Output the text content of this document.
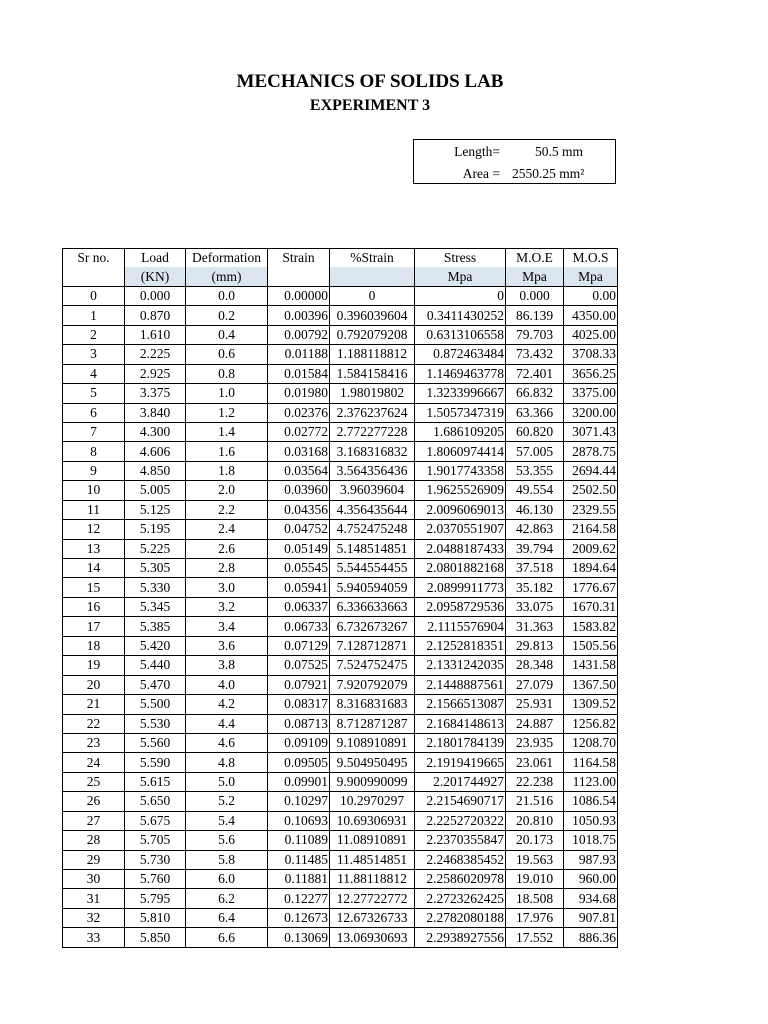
MECHANICS OF SOLIDS LAB
EXPERIMENT 3
Length=	50.5 mm
Area = 2550.25 mm²
Sr no.	Load	Deformation	Strain	%Strain	Stress	M.O.E	M.O.S
	(KN)	(mm)			Mpa	Mpa	Mpa
0	0.000	0.0	0.00000	0	0	0.000	0.00
1	0.870	0.2	0.00396	0.396039604	0.3411430252	86.139	4350.00
2	1.610	0.4	0.00792	0.792079208	0.6313106558	79.703	4025.00
3	2.225	0.6	0.01188	1.188118812	0.872463484	73.432	3708.33
4	2.925	0.8	0.01584	1.584158416	1.1469463778	72.401	3656.25
5	3.375	1.0	0.01980	1.98019802	1.3233996667	66.832	3375.00
6	3.840	1.2	0.02376	2.376237624	1.5057347319	63.366	3200.00
7	4.300	1.4	0.02772	2.772277228	1.686109205	60.820	3071.43
8	4.606	1.6	0.03168	3.168316832	1.8060974414	57.005	2878.75
9	4.850	1.8	0.03564	3.564356436	1.9017743358	53.355	2694.44
10	5.005	2.0	0.03960	3.96039604	1.9625526909	49.554	2502.50
11	5.125	2.2	0.04356	4.356435644	2.0096069013	46.130	2329.55
12	5.195	2.4	0.04752	4.752475248	2.0370551907	42.863	2164.58
13	5.225	2.6	0.05149	5.148514851	2.0488187433	39.794	2009.62
14	5.305	2.8	0.05545	5.544554455	2.0801882168	37.518	1894.64
15	5.330	3.0	0.05941	5.940594059	2.0899911773	35.182	1776.67
16	5.345	3.2	0.06337	6.336633663	2.0958729536	33.075	1670.31
17	5.385	3.4	0.06733	6.732673267	2.1115576904	31.363	1583.82
18	5.420	3.6	0.07129	7.128712871	2.1252818351	29.813	1505.56
19	5.440	3.8	0.07525	7.524752475	2.1331242035	28.348	1431.58
20	5.470	4.0	0.07921	7.920792079	2.1448887561	27.079	1367.50
21	5.500	4.2	0.08317	8.316831683	2.1566513087	25.931	1309.52
22	5.530	4.4	0.08713	8.712871287	2.1684148613	24.887	1256.82
23	5.560	4.6	0.09109	9.108910891	2.1801784139	23.935	1208.70
24	5.590	4.8	0.09505	9.504950495	2.1919419665	23.061	1164.58
25	5.615	5.0	0.09901	9.900990099	2.201744927	22.238	1123.00
26	5.650	5.2	0.10297	10.2970297	2.2154690717	21.516	1086.54
27	5.675	5.4	0.10693	10.69306931	2.2252720322	20.810	1050.93
28	5.705	5.6	0.11089	11.08910891	2.2370355847	20.173	1018.75
29	5.730	5.8	0.11485	11.48514851	2.2468385452	19.563	987.93
30	5.760	6.0	0.11881	11.88118812	2.2586020978	19.010	960.00
31	5.795	6.2	0.12277	12.27722772	2.2723262425	18.508	934.68
32	5.810	6.4	0.12673	12.67326733	2.2782080188	17.976	907.81
33	5.850	6.6	0.13069	13.06930693	2.2938927556	17.552	886.36
